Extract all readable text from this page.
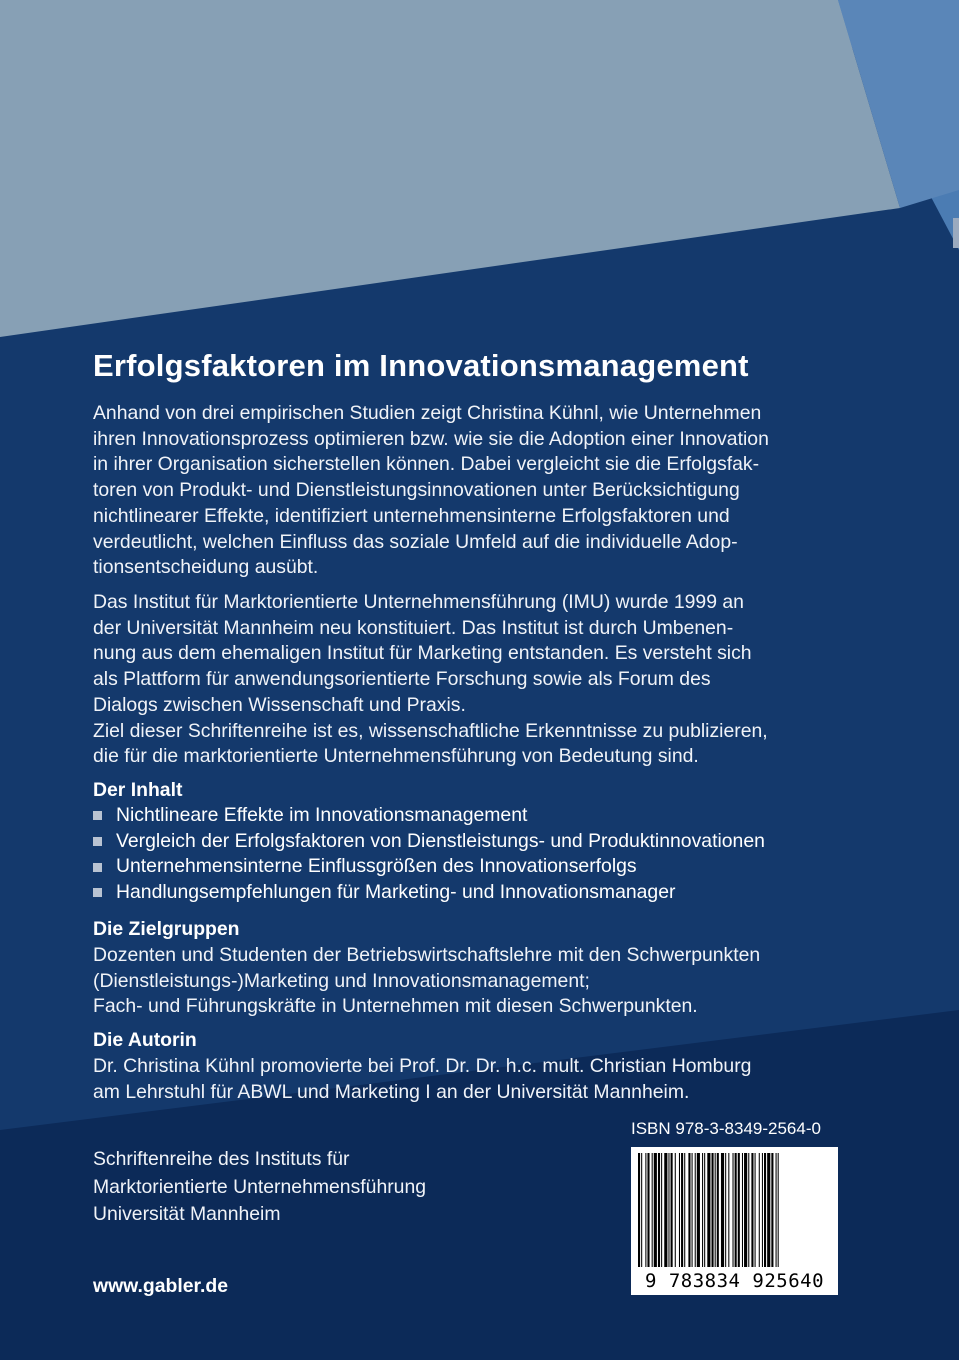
Erfolgsfaktoren im Innovationsmanagement
Anhand von drei empirischen Studien zeigt Christina Kühnl, wie Unternehmen
ihren Innovationsprozess optimieren bzw. wie sie die Adoption einer Innovation
in ihrer Organisation sicherstellen können. Dabei vergleicht sie die Erfolgsfak-
toren von Produkt- und Dienstleistungsinnovationen unter Berücksichtigung
nichtlinearer Effekte, identifiziert unternehmensinterne Erfolgsfaktoren und
verdeutlicht, welchen Einfluss das soziale Umfeld auf die individuelle Adop-
tionsentscheidung ausübt.
Das Institut für Marktorientierte Unternehmensführung (IMU) wurde 1999 an
der Universität Mannheim neu konstituiert. Das Institut ist durch Umbenen-
nung aus dem ehemaligen Institut für Marketing entstanden. Es versteht sich
als Plattform für anwendungsorientierte Forschung sowie als Forum des
Dialogs zwischen Wissenschaft und Praxis.
Ziel dieser Schriftenreihe ist es, wissenschaftliche Erkenntnisse zu publizieren,
die für die marktorientierte Unternehmensführung von Bedeutung sind.
Der Inhalt
Nichtlineare Effekte im Innovationsmanagement
Vergleich der Erfolgsfaktoren von Dienstleistungs- und Produktinnovationen
Unternehmensinterne Einflussgrößen des Innovationserfolgs
Handlungsempfehlungen für Marketing- und Innovationsmanager
Die Zielgruppen
Dozenten und Studenten der Betriebswirtschaftslehre mit den Schwerpunkten
(Dienstleistungs-)Marketing und Innovationsmanagement;
Fach- und Führungskräfte in Unternehmen mit diesen Schwerpunkten.
Die Autorin
Dr. Christina Kühnl promovierte bei Prof. Dr. Dr. h.c. mult. Christian Homburg
am Lehrstuhl für ABWL und Marketing I an der Universität Mannheim.
Schriftenreihe des Instituts für
Marktorientierte Unternehmensführung
Universität Mannheim
www.gabler.de
ISBN 978-3-8349-2564-0
9 783834 925640
